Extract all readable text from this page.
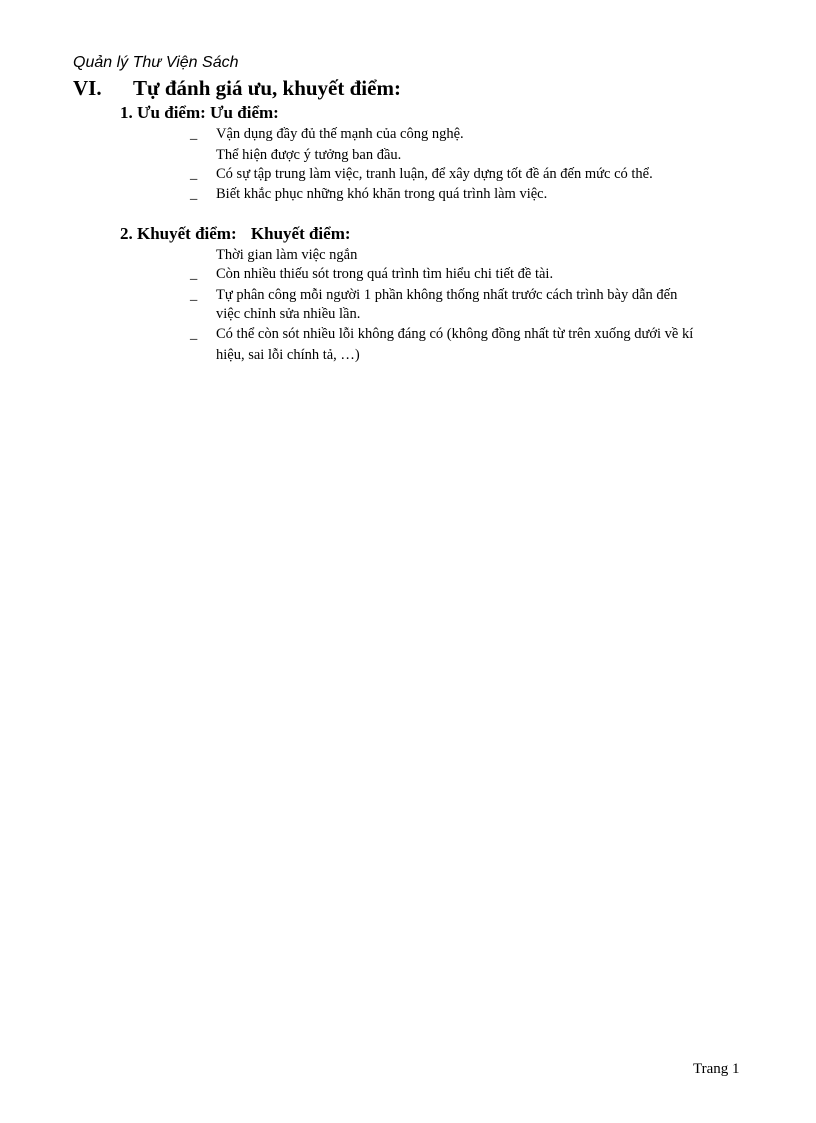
Quản lý Thư Viện Sách
VI. Tự đánh giá ưu, khuyết điểm:
1. Ưu điểm: Ưu điểm:
_ Vận dụng đầy đủ thế mạnh của công nghệ.
Thể hiện được ý tưởng ban đầu.
_ Có sự tập trung làm việc, tranh luận, để xây dựng tốt đề án đến mức có thể.
_ Biết khắc phục những khó khăn trong quá trình làm việc.
2. Khuyết điểm: Khuyết điểm:
Thời gian làm việc ngắn
_ Còn nhiều thiếu sót trong quá trình tìm hiểu chi tiết đề tài.
_ Tự phân công mỗi người 1 phần không thống nhất trước cách trình bày dẫn đến
việc chỉnh sửa nhiều lần.
_ Có thể còn sót nhiều lỗi không đáng có (không đồng nhất từ trên xuống dưới về kí
hiệu, sai lỗi chính tả, …)
Trang 1
